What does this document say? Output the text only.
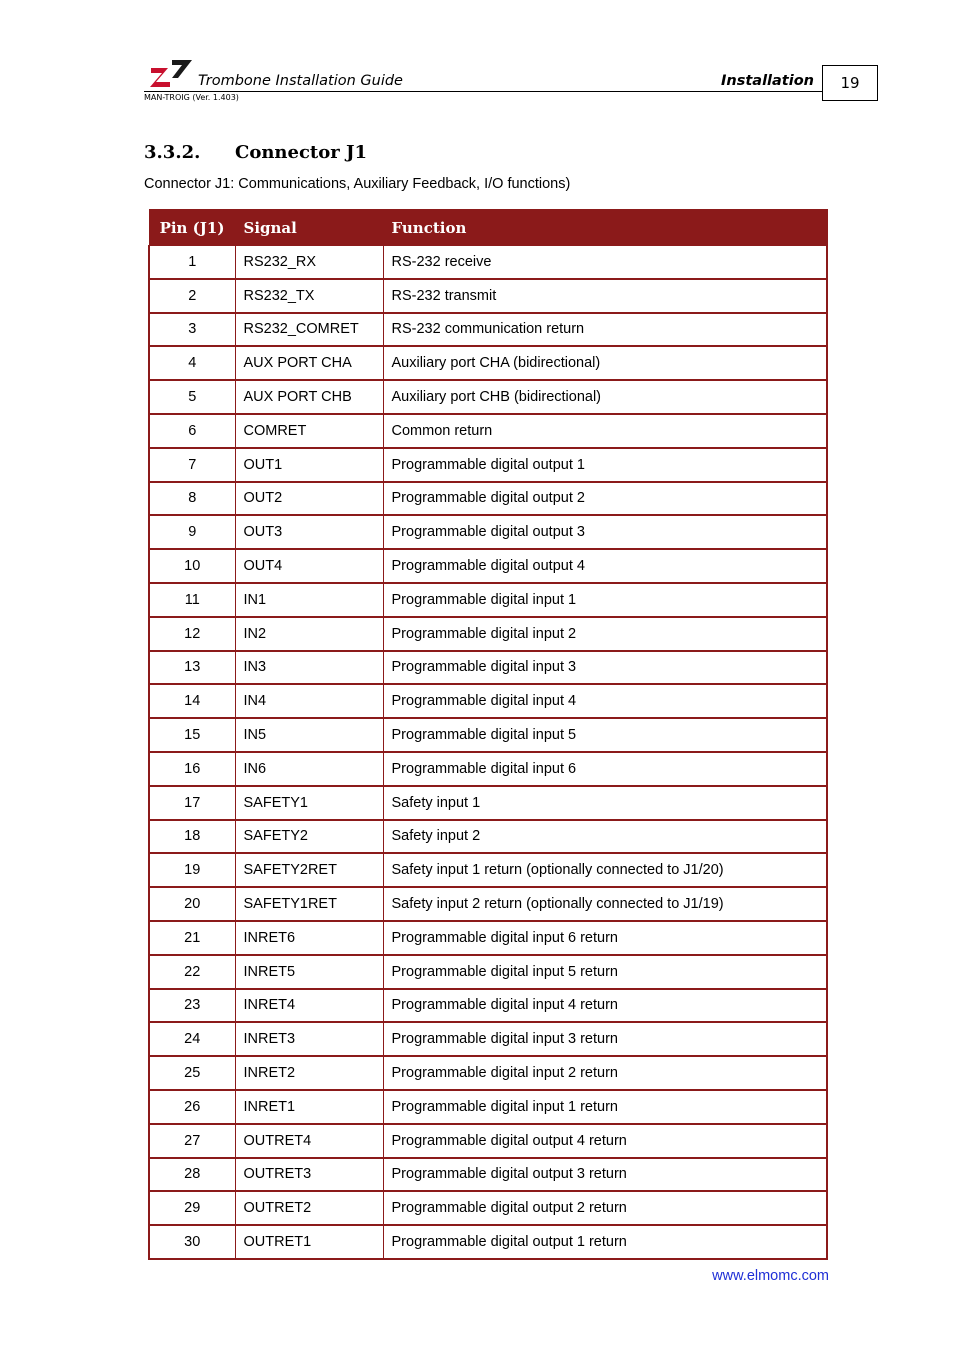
Trombone Installation Guide	Installation	19
MAN-TROIG (Ver. 1.403)
3.3.2. Connector J1
Connector J1: Communications, Auxiliary Feedback, I/O functions)
Pin (J1)	Signal	Function
1	RS232_RX	RS-232 receive
2	RS232_TX	RS-232 transmit
3	RS232_COMRET	RS-232 communication return
4	AUX PORT CHA	Auxiliary port CHA (bidirectional)
5	AUX PORT CHB	Auxiliary port CHB (bidirectional)
6	COMRET	Common return
7	OUT1	Programmable digital output 1
8	OUT2	Programmable digital output 2
9	OUT3	Programmable digital output 3
10	OUT4	Programmable digital output 4
11	IN1	Programmable digital input 1
12	IN2	Programmable digital input 2
13	IN3	Programmable digital input 3
14	IN4	Programmable digital input 4
15	IN5	Programmable digital input 5
16	IN6	Programmable digital input 6
17	SAFETY1	Safety input 1
18	SAFETY2	Safety input 2
19	SAFETY2RET	Safety input 1 return (optionally connected to J1/20)
20	SAFETY1RET	Safety input 2 return (optionally connected to J1/19)
21	INRET6	Programmable digital input 6 return
22	INRET5	Programmable digital input 5 return
23	INRET4	Programmable digital input 4 return
24	INRET3	Programmable digital input 3 return
25	INRET2	Programmable digital input 2 return
26	INRET1	Programmable digital input 1 return
27	OUTRET4	Programmable digital output 4 return
28	OUTRET3	Programmable digital output 3 return
29	OUTRET2	Programmable digital output 2 return
30	OUTRET1	Programmable digital output 1 return
www.elmomc.com
